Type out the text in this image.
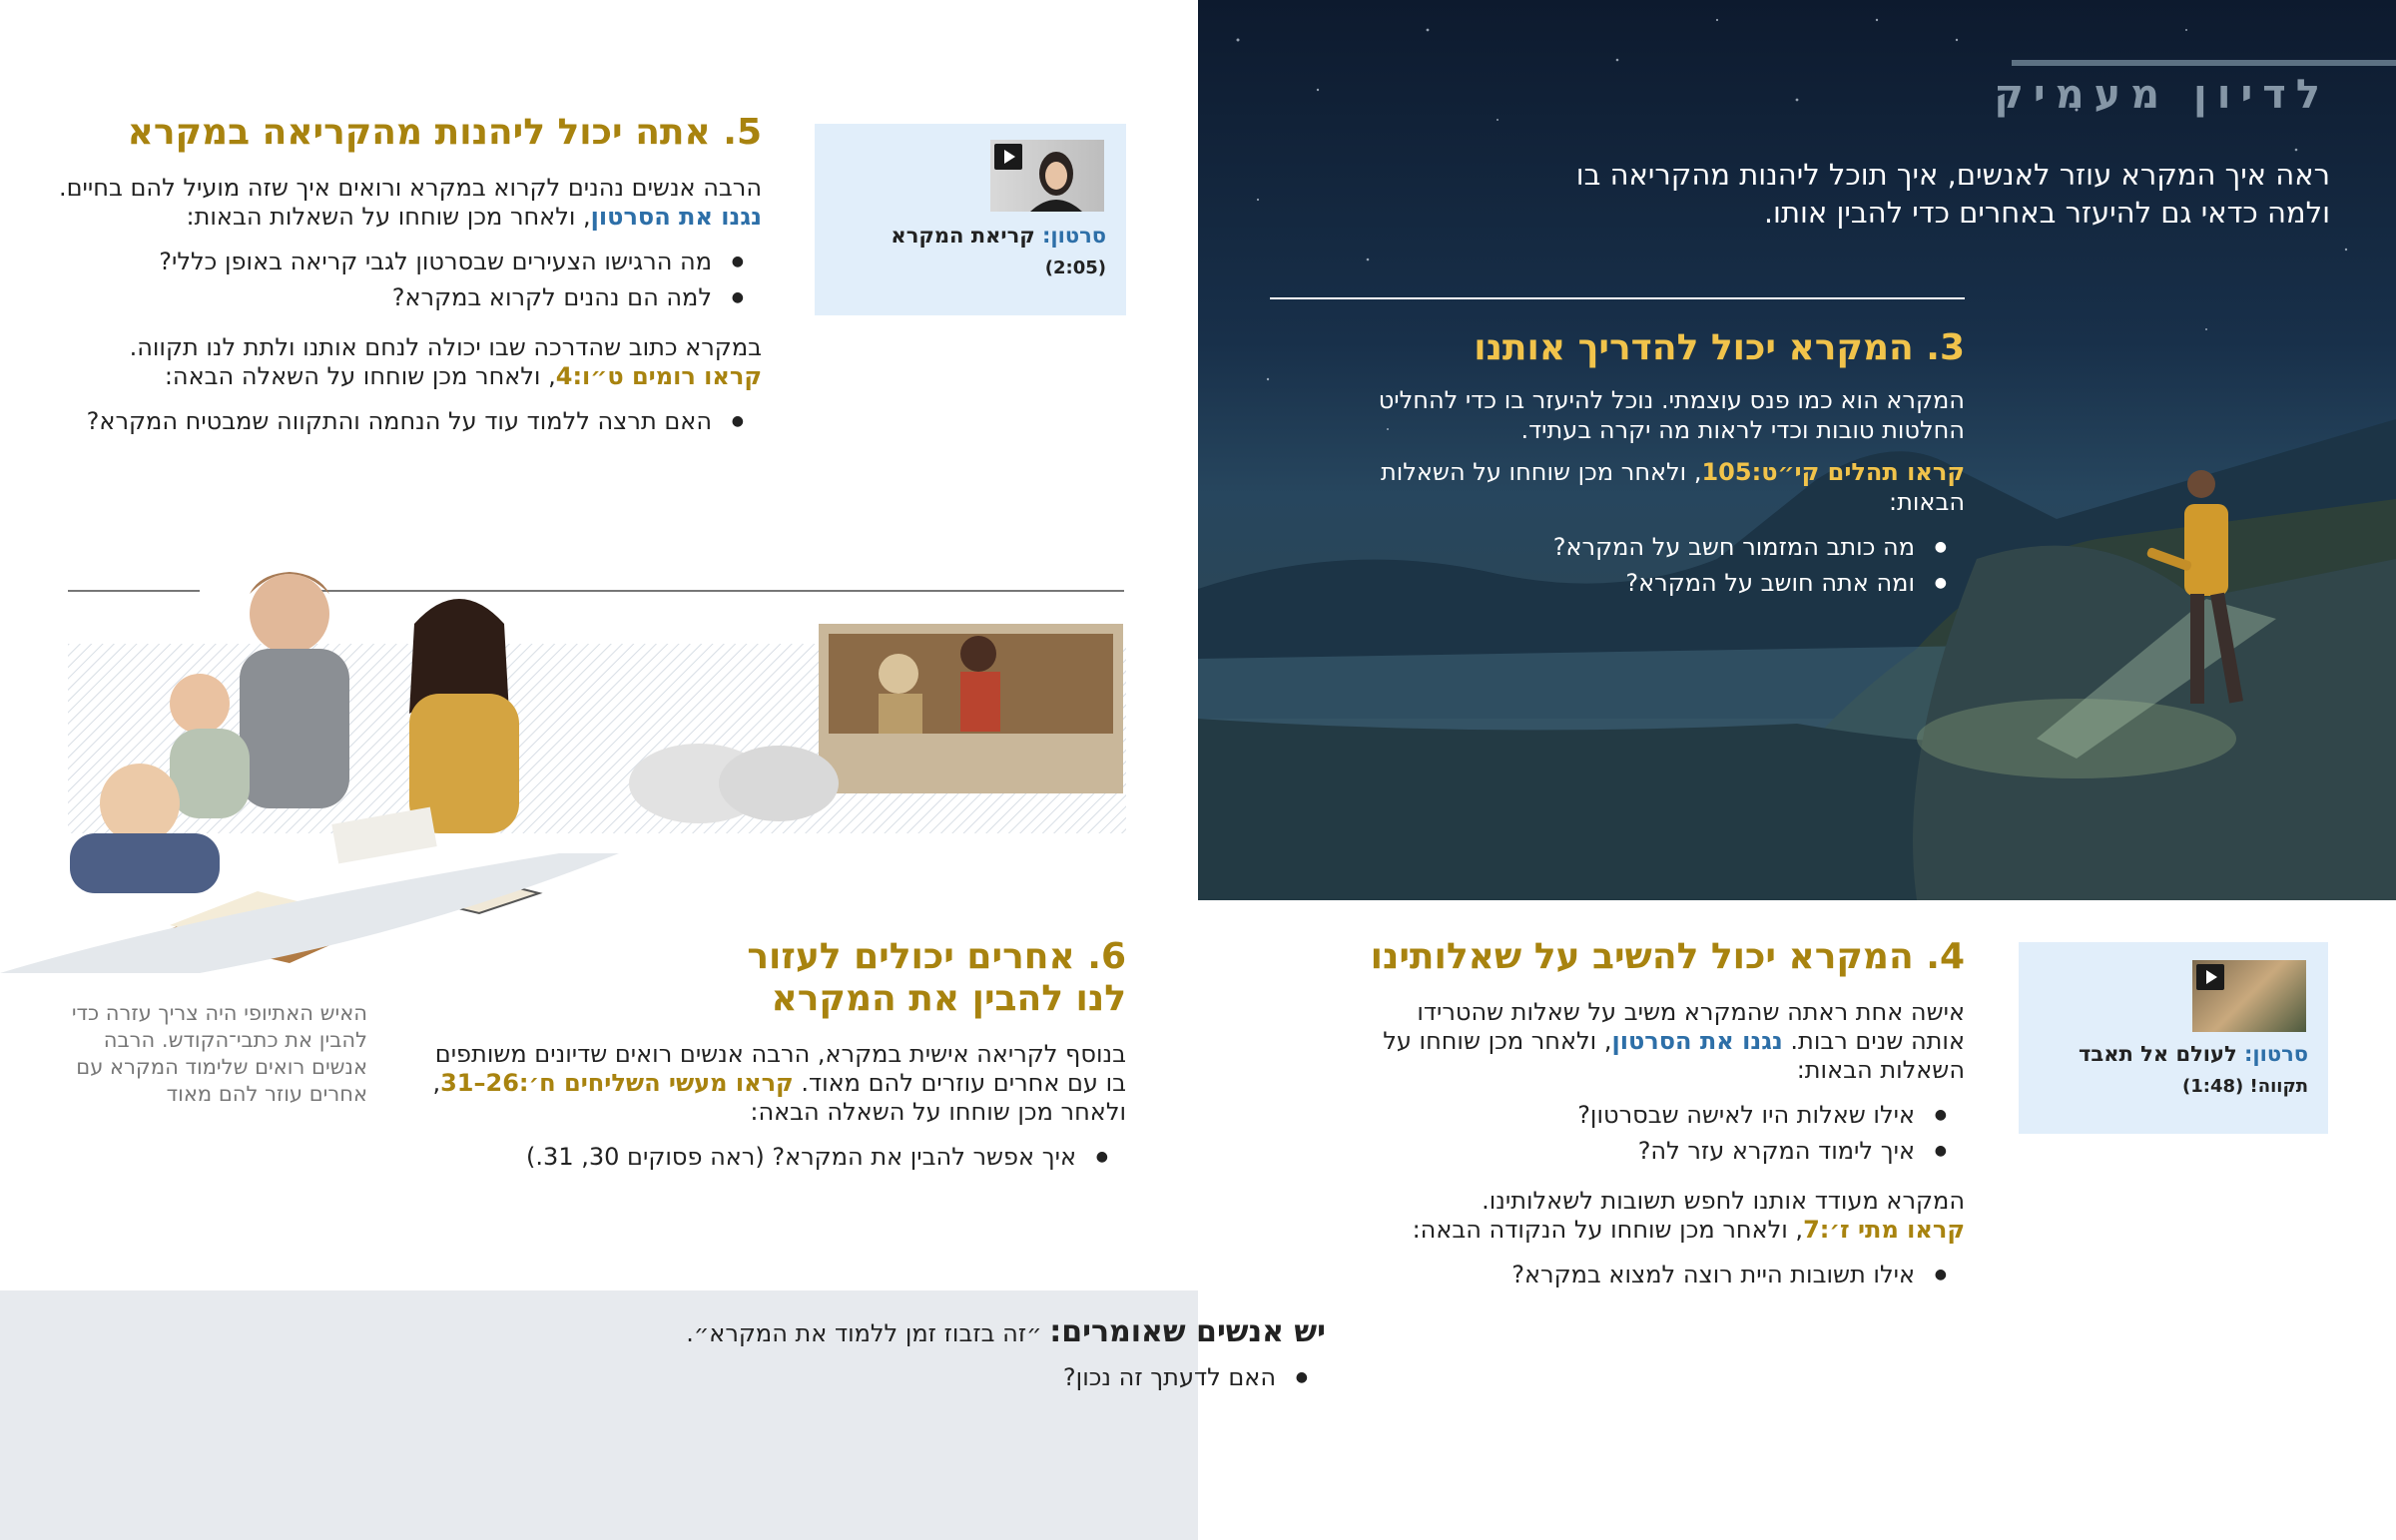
לדיון מעמיק
ראה איך המקרא עוזר לאנשים, איך תוכל ליהנות מהקריאה בו ולמה כדאי גם להיעזר באחרים כדי להבין אותו.
3. המקרא יכול להדריך אותנו

המקרא הוא כמו פנס עוצמתי. נוכל להיעזר בו כדי להחליט החלטות טובות וכדי לראות מה יקרה בעתיד.

קראו תהלים קי״ט:105, ולאחר מכן שוחחו על השאלות הבאות:

● מה כותב המזמור חשב על המקרא?
● ומה אתה חושב על המקרא?
4. המקרא יכול להשיב על שאלותינו

אישה אחת ראתה שהמקרא משיב על שאלות שהטרידו אותה שנים רבות. נגנו את הסרטון, ולאחר מכן שוחחו על השאלות הבאות:

● אילו שאלות היו לאישה שבסרטון?
● איך לימוד המקרא עזר לה?

המקרא מעודד אותנו לחפש תשובות לשאלותינו.

קראו מתי ז׳:7, ולאחר מכן שוחחו על הנקודה הבאה:

● אילו תשובות היית רוצה למצוא במקרא?
סרטון: לעולם אל תאבד
תקווה! (1:48)
5. אתה יכול ליהנות מהקריאה במקרא

הרבה אנשים נהנים לקרוא במקרא ורואים איך שזה מועיל להם בחיים. נגנו את הסרטון, ולאחר מכן שוחחו על השאלות הבאות:

● מה הרגישו הצעירים שבסרטון לגבי קריאה באופן כללי?
● למה הם נהנים לקרוא במקרא?

במקרא כתוב שהדרכה שבו יכולה לנחם אותנו ולתת לנו תקווה.

קראו רומים ט״ו:4, ולאחר מכן שוחחו על השאלה הבאה:

● האם תרצה ללמוד עוד על הנחמה והתקווה שמבטיח המקרא?
סרטון: קריאת המקרא
(2:05)
האיש האתיופי היה צריך עזרה כדי להבין את כתבי־הקודש. הרבה אנשים רואים שלימוד המקרא עם אחרים עוזר להם מאוד
6. אחרים יכולים לעזור לנו להבין את המקרא

בנוסף לקריאה אישית במקרא, הרבה אנשים רואים שדיונים משותפים בו עם אחרים עוזרים להם מאוד. קראו מעשי השליחים ח׳:26–31, ולאחר מכן שוחחו על השאלה הבאה:

● איך אפשר להבין את המקרא? (ראה פסוקים 30, 31.)

יש אנשים שאומרים: ״זה בזבוז זמן ללמוד את המקרא״.

● האם לדעתך זה נכון?
